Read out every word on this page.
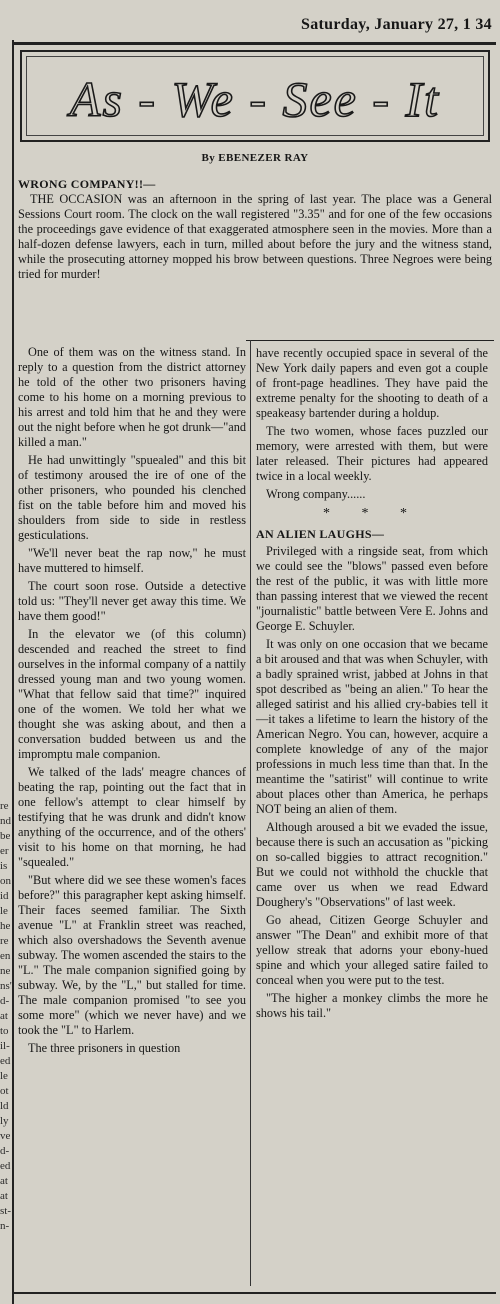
re
nd
be
er
is
on
id
le
he
re
en
ne
ns'
d-
at
to
il-
ed
le
ot
ld
ly
ve
d-
ed
at
at
st-
n-
Saturday, January 27, 1 34
As - We - See - It
By EBENEZER RAY
WRONG COMPANY!!—

THE OCCASION was an afternoon in the spring of last year. The place was a General Sessions Court room. The clock on the wall registered "3.35" and for one of the few occasions the proceedings gave evidence of that exaggerated atmosphere seen in the movies. More than a half-dozen defense lawyers, each in turn, milled about before the jury and the witness stand, while the prosecuting attorney mopped his brow between questions. Three Negroes were being tried for murder!

One of them was on the witness stand. In reply to a question from the district attorney he told of the other two prisoners having come to his home on a morning previous to his arrest and told him that he and they were out the night before when he got drunk—"and killed a man."

He had unwittingly "spuealed" and this bit of testimony aroused the ire of one of the other prisoners, who pounded his clenched fist on the table before him and moved his shoulders from side to side in restless gesticulations.

"We'll never beat the rap now," he must have muttered to himself.

The court soon rose. Outside a detective told us: "They'll never get away this time. We have them good!"

In the elevator we (of this column) descended and reached the street to find ourselves in the informal company of a nattily dressed young man and two young women. "What that fellow said that time?" inquired one of the women. We told her what we thought she was asking about, and then a conversation budded between us and the impromptu male companion.

We talked of the lads' meagre chances of beating the rap, pointing out the fact that in one fellow's attempt to clear himself by testifying that he was drunk and didn't know anything of the occurrence, and of the others' visit to his home on that morning, he had "squealed."

"But where did we see these women's faces before?" this paragrapher kept asking himself. Their faces seemed familiar. The Sixth avenue "L" at Franklin street was reached, which also overshadows the Seventh avenue subway. The women ascended the stairs to the "L." The male companion signified going by subway. We, by the "L," but stalled for time. The male companion promised "to see you some more" (which we never have) and we took the "L" to Harlem.

The three prisoners in question

have recently occupied space in several of the New York daily papers and even got a couple of front-page headlines. They have paid the extreme penalty for the shooting to death of a speakeasy bartender during a holdup.

The two women, whose faces puzzled our memory, were arrested with them, but were later released. Their pictures had appeared twice in a local weekly.

Wrong company......

* * *
AN ALIEN LAUGHS—

Privileged with a ringside seat, from which we could see the "blows" passed even before the rest of the public, it was with little more than passing interest that we viewed the recent "journalistic" battle between Vere E. Johns and George E. Schuyler.

It was only on one occasion that we became a bit aroused and that was when Schuyler, with a badly sprained wrist, jabbed at Johns in that spot described as "being an alien." To hear the alleged satirist and his allied cry-babies tell it—it takes a lifetime to learn the history of the American Negro. You can, however, acquire a complete knowledge of any of the major professions in much less time than that. In the meantime the "satirist" will continue to write about places other than America, he perhaps NOT being an alien of them.

Although aroused a bit we evaded the issue, because there is such an accusation as "picking on so-called biggies to attract recognition." But we could not withhold the chuckle that came over us when we read Edward Doughery's "Observations" of last week.

Go ahead, Citizen George Schuyler and answer "The Dean" and exhibit more of that yellow streak that adorns your ebony-hued spine and which your alleged satire failed to conceal when you were put to the test.

"The higher a monkey climbs the more he shows his tail."
